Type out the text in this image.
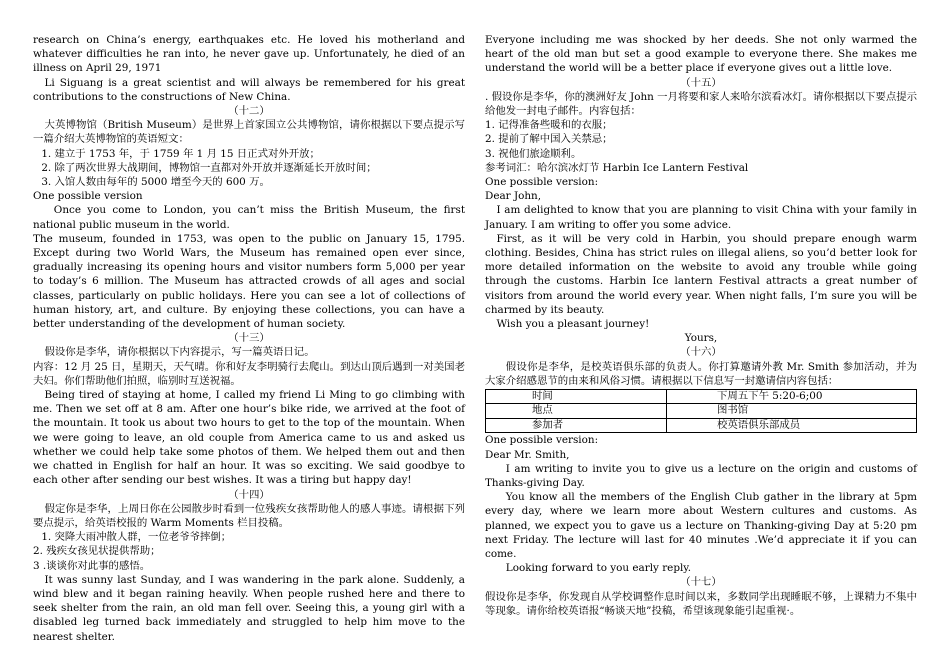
research on China’s energy, earthquakes etc. He loved his motherland and whatever difficulties he ran into, he never gave up. Unfortunately, he died of an illness on April 29, 1971

Li Siguang is a great scientist and will always be remembered for his great contributions to the constructions of New China.

（十二）

大英博物馆（British Museum）是世界上首家国立公共博物馆，请你根据以下要点提示写一篇介绍大英博物馆的英语短文：

1. 建立于 1753 年，于 1759 年 1 月 15 日正式对外开放；

2. 除了两次世界大战期间，博物馆一直都对外开放并逐渐延长开放时间；

3. 入馆人数由每年的 5000 增至今天的 600 万。

One possible version

Once you come to London, you can’t miss the British Museum, the first national public museum in the world.

The museum, founded in 1753, was open to the public on January 15, 1795. Except during two World Wars, the Museum has remained open ever since, gradually increasing its opening hours and visitor numbers form 5,000 per year to today’s 6 million. The Museum has attracted crowds of all ages and social classes, particularly on public holidays. Here you can see a lot of collections of human history, art, and culture. By enjoying these collections, you can have a better understanding of the development of human society.

（十三）

假设你是李华，请你根据以下内容提示，写一篇英语日记。

内容：12 月 25 日，星期天，天气晴。你和好友李明骑行去爬山。到达山顶后遇到一对美国老夫妇。你们帮助他们拍照，临别时互送祝福。

Being tired of staying at home, I called my friend Li Ming to go climbing with me. Then we set off at 8 am. After one hour’s bike ride, we arrived at the foot of the mountain. It took us about two hours to get to the top of the mountain. When we were going to leave, an old couple from America came to us and asked us whether we could help take some photos of them. We helped them out and then we chatted in English for half an hour. It was so exciting. We said goodbye to each other after sending our best wishes. It was a tiring but happy day!

（十四）

假定你是李华，上周日你在公园散步时看到一位残疾女孩帮助他人的感人事迹。请根据下列要点提示，给英语校报的 Warm Moments 栏目投稿。

1. 突降大雨冲散人群，一位老爷爷摔倒；

2. 残疾女孩见状提供帮助；

3 .谈谈你对此事的感悟。

It was sunny last Sunday, and I was wandering in the park alone. Suddenly, a wind blew and it began raining heavily. When people rushed here and there to seek shelter from the rain, an old man fell over. Seeing this, a young girl with a disabled leg turned back immediately and struggled to help him move to the nearest shelter.

Everyone including me was shocked by her deeds. She not only warmed the heart of the old man but set a good example to everyone there. She makes me understand the world will be a better place if everyone gives out a little love.

（十五）

. 假设你是李华，你的澳洲好友 John 一月将要和家人来哈尔滨看冰灯。请你根据以下要点提示给他发一封电子邮件。内容包括：

1. 记得准备些暖和的衣服；

2. 提前了解中国入关禁忌；

3. 祝他们旅途顺利。

参考词汇：哈尔滨冰灯节 Harbin Ice Lantern Festival

One possible version:

Dear John,

I am delighted to know that you are planning to visit China with your family in January. I am writing to offer you some advice.

First, as it will be very cold in Harbin, you should prepare enough warm clothing. Besides, China has strict rules on illegal aliens, so you’d better look for more detailed information on the website to avoid any trouble while going through the customs. Harbin Ice lantern Festival attracts a great number of visitors from around the world every year. When night falls, I’m sure you will be charmed by its beauty.

Wish you a pleasant journey!

Yours,

（十六）

假设你是李华，是校英语俱乐部的负责人。你打算邀请外教 Mr. Smith 参加活动，并为大家介绍感恩节的由来和风俗习惯。请根据以下信息写一封邀请信内容包括：

时间	下周五下午 5:20-6;00
地点	图书馆
参加者	校英语俱乐部成员

One possible version:

Dear Mr. Smith,

I am writing to invite you to give us a lecture on the origin and customs of Thanks-giving Day.

You know all the members of the English Club gather in the library at 5pm every day, where we learn more about Western cultures and customs. As planned, we expect you to gave us a lecture on Thanking-giving Day at 5:20 pm next Friday. The lecture will last for 40 minutes .We’d appreciate it if you can come.

Looking forward to you early reply.

（十七）

假设你是李华，你发现自从学校调整作息时间以来，多数同学出现睡眠不够，上课精力不集中等现象。请你给校英语报“畅谈天地”投稿，希望该现象能引起重视·。
